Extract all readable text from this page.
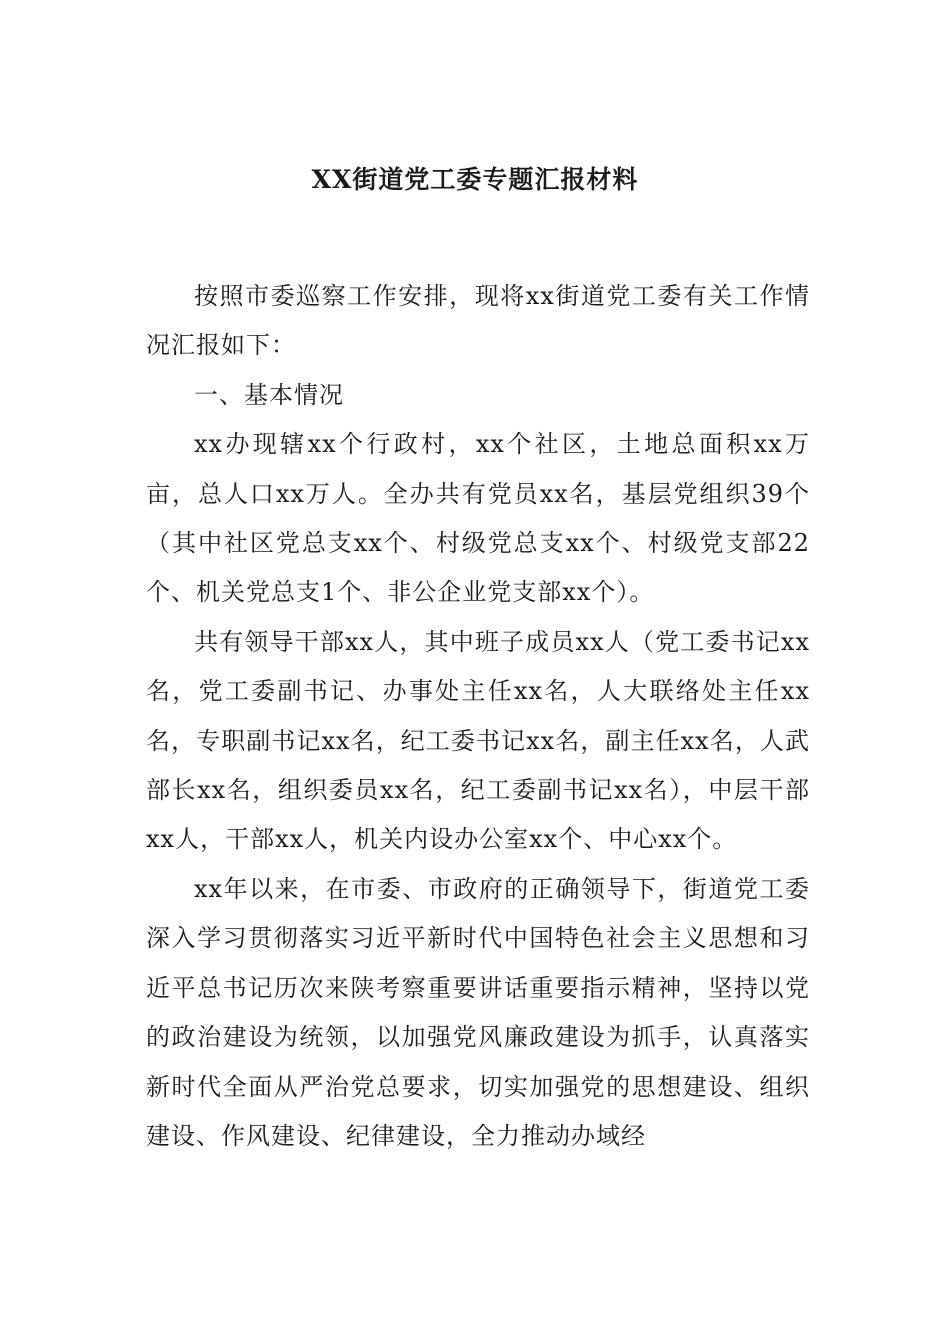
XX街道党工委专题汇报材料

按照市委巡察工作安排，现将xx街道党工委有关工作情况汇报如下：

一、基本情况

xx办现辖xx个行政村，xx个社区，土地总面积xx万亩，总人口xx万人。全办共有党员xx名，基层党组织39个（其中社区党总支xx个、村级党总支xx个、村级党支部22个、机关党总支1个、非公企业党支部xx个）。

共有领导干部xx人，其中班子成员xx人（党工委书记xx名，党工委副书记、办事处主任xx名，人大联络处主任xx名，专职副书记xx名，纪工委书记xx名，副主任xx名，人武部长xx名，组织委员xx名，纪工委副书记xx名），中层干部xx人，干部xx人，机关内设办公室xx个、中心xx个。

xx年以来，在市委、市政府的正确领导下，街道党工委深入学习贯彻落实习近平新时代中国特色社会主义思想和习近平总书记历次来陕考察重要讲话重要指示精神，坚持以党的政治建设为统领，以加强党风廉政建设为抓手，认真落实新时代全面从严治党总要求，切实加强党的思想建设、组织建设、作风建设、纪律建设，全力推动办域经
